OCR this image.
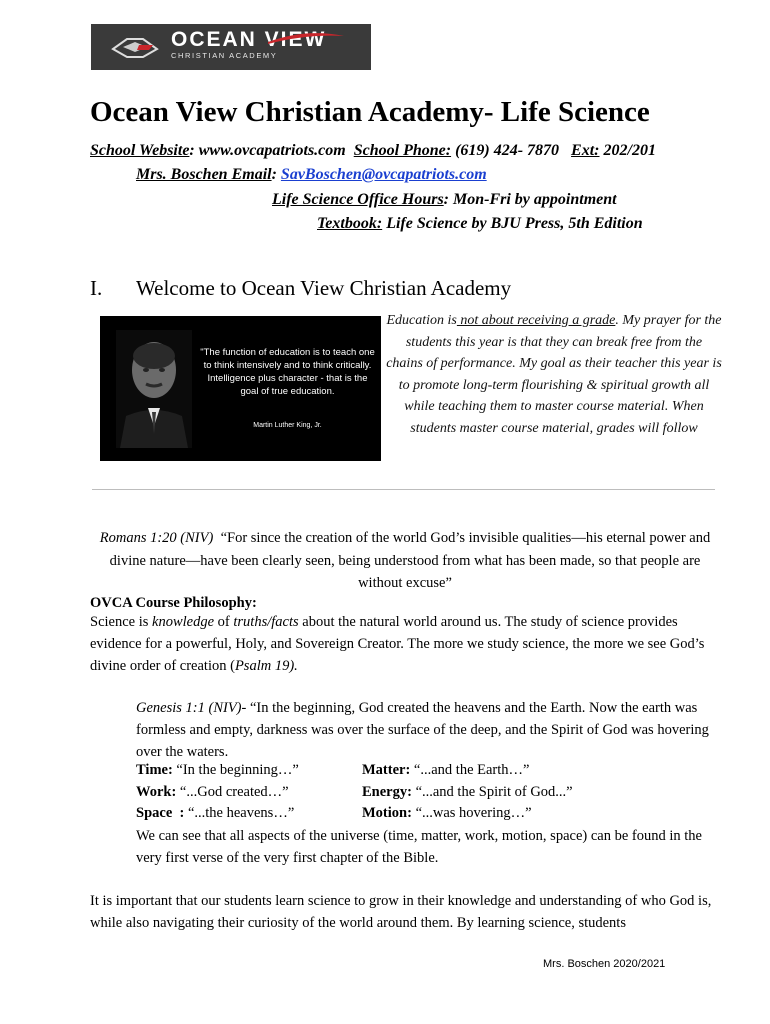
OCEAN VIEW
CHRISTIAN ACADEMY
Ocean View Christian Academy- Life Science
School Website: www.ovcapatriots.com School Phone: (619) 424- 7870 Ext: 202/201
Mrs. Boschen Email: SavBoschen@ovcapatriots.com
Life Science Office Hours: Mon-Fri by appointment
Textbook: Life Science by BJU Press, 5th Edition
I. Welcome to Ocean View Christian Academy
"The function of education is to teach one to think intensively and to think critically. Intelligence plus character - that is the goal of true education.
Martin Luther King, Jr.
Education is not about receiving a grade. My prayer for the students this year is that they can break free from the chains of performance. My goal as their teacher this year is to promote long-term flourishing & spiritual growth all while teaching them to master course material. When students master course material, grades will follow
Romans 1:20 (NIV) “For since the creation of the world God’s invisible qualities—his eternal power and divine nature—have been clearly seen, being understood from what has been made, so that people are without excuse”
OVCA Course Philosophy:
Science is knowledge of truths/facts about the natural world around us. The study of science provides evidence for a powerful, Holy, and Sovereign Creator. The more we study science, the more we see God’s divine order of creation (Psalm 19).
Genesis 1:1 (NIV)- “In the beginning, God created the heavens and the Earth. Now the earth was formless and empty, darkness was over the surface of the deep, and the Spirit of God was hovering over the waters.
Time: “In the beginning…”	Matter: “...and the Earth…”
Work: “...God created…”	Energy: “...and the Spirit of God...”
Space  : “...the heavens…”	Motion: “...was hovering…”
We can see that all aspects of the universe (time, matter, work, motion, space) can be found in the very first verse of the very first chapter of the Bible.
It is important that our students learn science to grow in their knowledge and understanding of who God is, while also navigating their curiosity of the world around them. By learning science, students
Mrs. Boschen 2020/2021
